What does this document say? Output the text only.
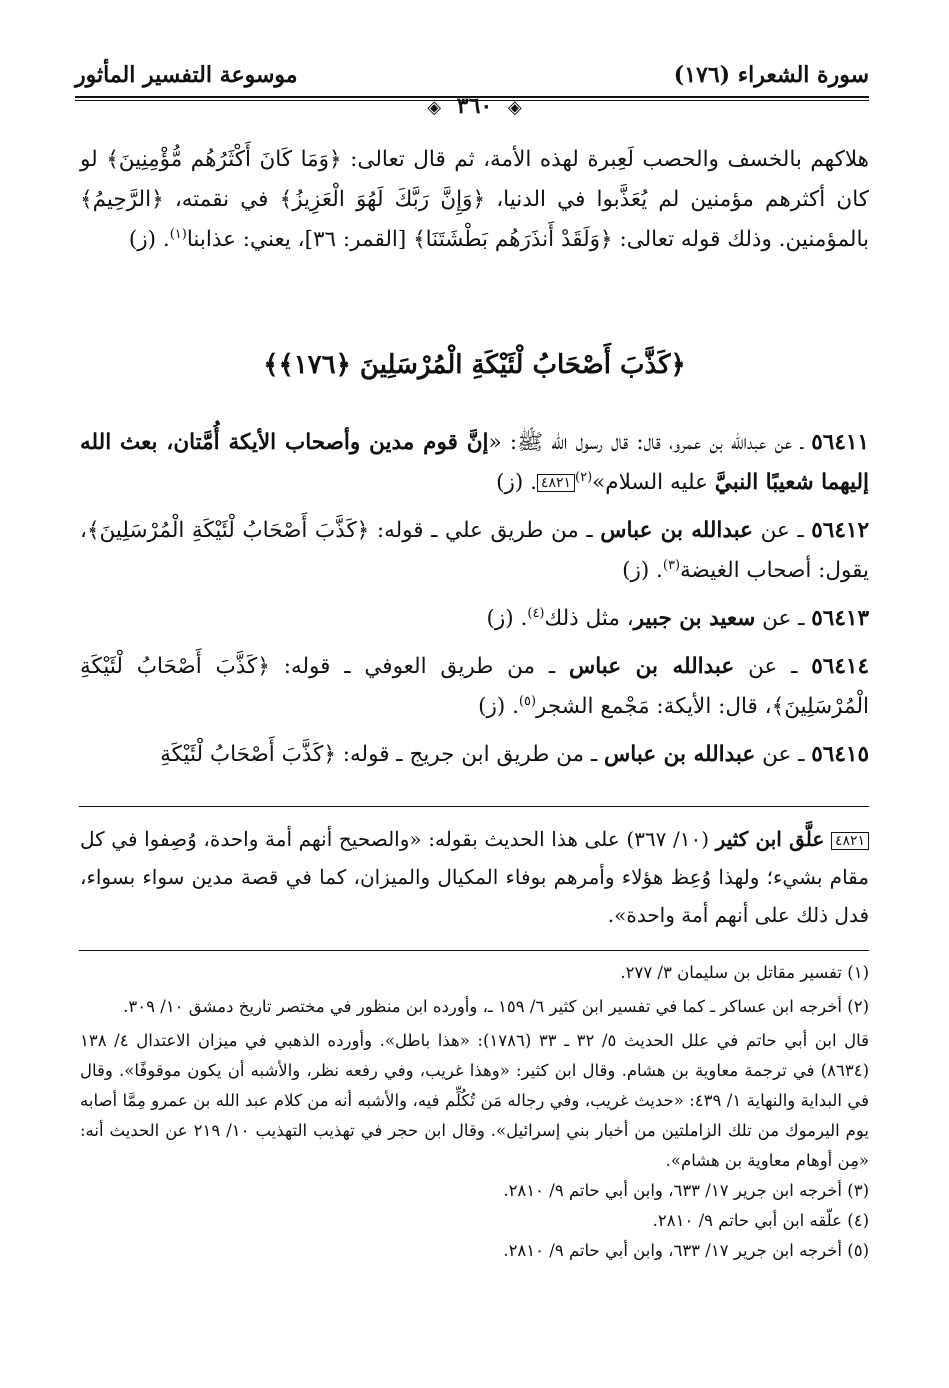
سورة الشعراء (١٧٦)
موسوعة التفسير المأثور
◈ ٣٦٠ ◈

هلاكهم بالخسف والحصب لَعِبرة لهذه الأمة، ثم قال تعالى: ﴿وَمَا كَانَ أَكْثَرُهُم مُّؤْمِنِينَ﴾ لو كان أكثرهم مؤمنين لم يُعَذَّبوا في الدنيا، ﴿وَإِنَّ رَبَّكَ لَهُوَ الْعَزِيزُ﴾ في نقمته، ﴿الرَّحِيمُ﴾ بالمؤمنين. وذلك قوله تعالى: ﴿وَلَقَدْ أَنذَرَهُم بَطْشَتَنَا﴾ [القمر: ٣٦]، يعني: عذابنا$^{(١)}$. (ز)

﴿كَذَّبَ أَصْحَابُ لْئَيْكَةِ الْمُرْسَلِينَ ﴿١٧٦﴾﴾

٥٦٤١١ ـ عن عبدالله بن عمرو، قال: قال رسول الله ﷺ: «إنَّ قوم مدين وأصحاب الأيكة أُمَّتان، بعث الله إليهما شعيبًا النبيَّ عليه السلام»$^{(٢)}$٤٨٢١. (ز)

٥٦٤١٢ ـ عن عبدالله بن عباس ـ من طريق علي ـ قوله: ﴿كَذَّبَ أَصْحَابُ لْئَيْكَةِ الْمُرْسَلِينَ﴾، يقول: أصحاب الغيضة$^{(٣)}$. (ز)

٥٦٤١٣ ـ عن سعيد بن جبير، مثل ذلك$^{(٤)}$. (ز)

٥٦٤١٤ ـ عن عبدالله بن عباس ـ من طريق العوفي ـ قوله: ﴿كَذَّبَ أَصْحَابُ لْئَيْكَةِ الْمُرْسَلِينَ﴾، قال: الأيكة: مَجْمع الشجر$^{(٥)}$. (ز)

٥٦٤١٥ ـ عن عبدالله بن عباس ـ من طريق ابن جريج ـ قوله: ﴿كَذَّبَ أَصْحَابُ لْئَيْكَةِ

٤٨٢١ علَّق ابن كثير (١٠/ ٣٦٧) على هذا الحديث بقوله: «والصحيح أنهم أمة واحدة، وُصِفوا في كل مقام بشيء؛ ولهذا وُعِظ هؤلاء وأمرهم بوفاء المكيال والميزان، كما في قصة مدين سواء بسواء، فدل ذلك على أنهم أمة واحدة».

(١) تفسير مقاتل بن سليمان ٣/ ٢٧٧.

(٢) أخرجه ابن عساكر ـ كما في تفسير ابن كثير ٦/ ١٥٩ ـ، وأورده ابن منظور في مختصر تاريخ دمشق ١٠/ ٣٠٩.

قال ابن أبي حاتم في علل الحديث ٥/ ٣٢ ـ ٣٣ (١٧٨٦): «هذا باطل». وأورده الذهبي في ميزان الاعتدال ٤/ ١٣٨ (٨٦٣٤) في ترجمة معاوية بن هشام. وقال ابن كثير: «وهذا غريب، وفي رفعه نظر، والأشبه أن يكون موقوفًا». وقال في البداية والنهاية ١/ ٤٣٩: «حديث غريب، وفي رجاله مَن تُكُلِّم فيه، والأشبه أنه من كلام عبد الله بن عمرو مِمَّا أصابه يوم اليرموك من تلك الزاملتين من أخبار بني إسرائيل». وقال ابن حجر في تهذيب التهذيب ١٠/ ٢١٩ عن الحديث أنه: «مِن أوهام معاوية بن هشام».

(٣) أخرجه ابن جرير ١٧/ ٦٣٣، وابن أبي حاتم ٩/ ٢٨١٠.

(٤) علّقه ابن أبي حاتم ٩/ ٢٨١٠.

(٥) أخرجه ابن جرير ١٧/ ٦٣٣، وابن أبي حاتم ٩/ ٢٨١٠.
